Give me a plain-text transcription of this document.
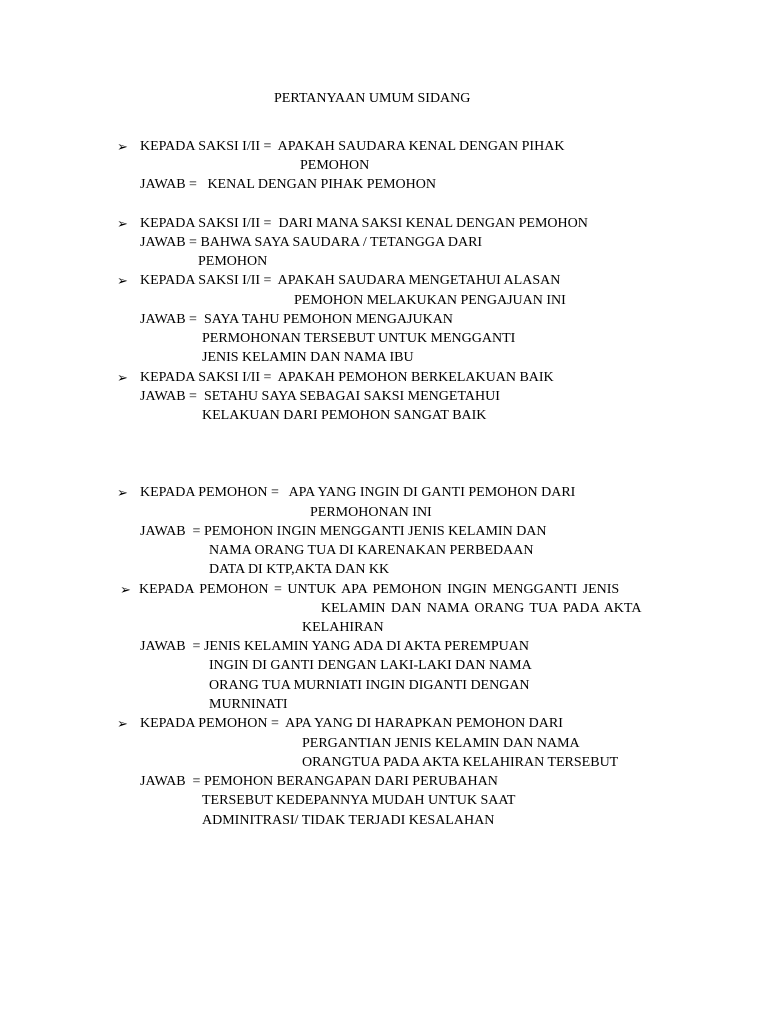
PERTANYAAN UMUM SIDANG
➢ KEPADA SAKSI I/II =  APAKAH SAUDARA KENAL DENGAN PIHAK
PEMOHON
JAWAB =   KENAL DENGAN PIHAK PEMOHON
➢ KEPADA SAKSI I/II =  DARI MANA SAKSI KENAL DENGAN PEMOHON
JAWAB = BAHWA SAYA SAUDARA / TETANGGA DARI
PEMOHON
➢ KEPADA SAKSI I/II =  APAKAH SAUDARA MENGETAHUI ALASAN
PEMOHON MELAKUKAN PENGAJUAN INI
JAWAB =  SAYA TAHU PEMOHON MENGAJUKAN
PERMOHONAN TERSEBUT UNTUK MENGGANTI
JENIS KELAMIN DAN NAMA IBU
➢ KEPADA SAKSI I/II =  APAKAH PEMOHON BERKELAKUAN BAIK
JAWAB =  SETAHU SAYA SEBAGAI SAKSI MENGETAHUI
KELAKUAN DARI PEMOHON SANGAT BAIK
➢ KEPADA PEMOHON =   APA YANG INGIN DI GANTI PEMOHON DARI
PERMOHONAN INI
JAWAB  = PEMOHON INGIN MENGGANTI JENIS KELAMIN DAN
NAMA ORANG TUA DI KARENAKAN PERBEDAAN
DATA DI KTP,AKTA DAN KK
➢ KEPADA PEMOHON = UNTUK APA PEMOHON INGIN MENGGANTI JENIS
KELAMIN DAN NAMA ORANG TUA PADA AKTA
KELAHIRAN
JAWAB  = JENIS KELAMIN YANG ADA DI AKTA PEREMPUAN
INGIN DI GANTI DENGAN LAKI-LAKI DAN NAMA
ORANG TUA MURNIATI INGIN DIGANTI DENGAN
MURNINATI
➢ KEPADA PEMOHON =  APA YANG DI HARAPKAN PEMOHON DARI
PERGANTIAN JENIS KELAMIN DAN NAMA
ORANGTUA PADA AKTA KELAHIRAN TERSEBUT
JAWAB  = PEMOHON BERANGAPAN DARI PERUBAHAN
TERSEBUT KEDEPANNYA MUDAH UNTUK SAAT
ADMINITRASI/ TIDAK TERJADI KESALAHAN
